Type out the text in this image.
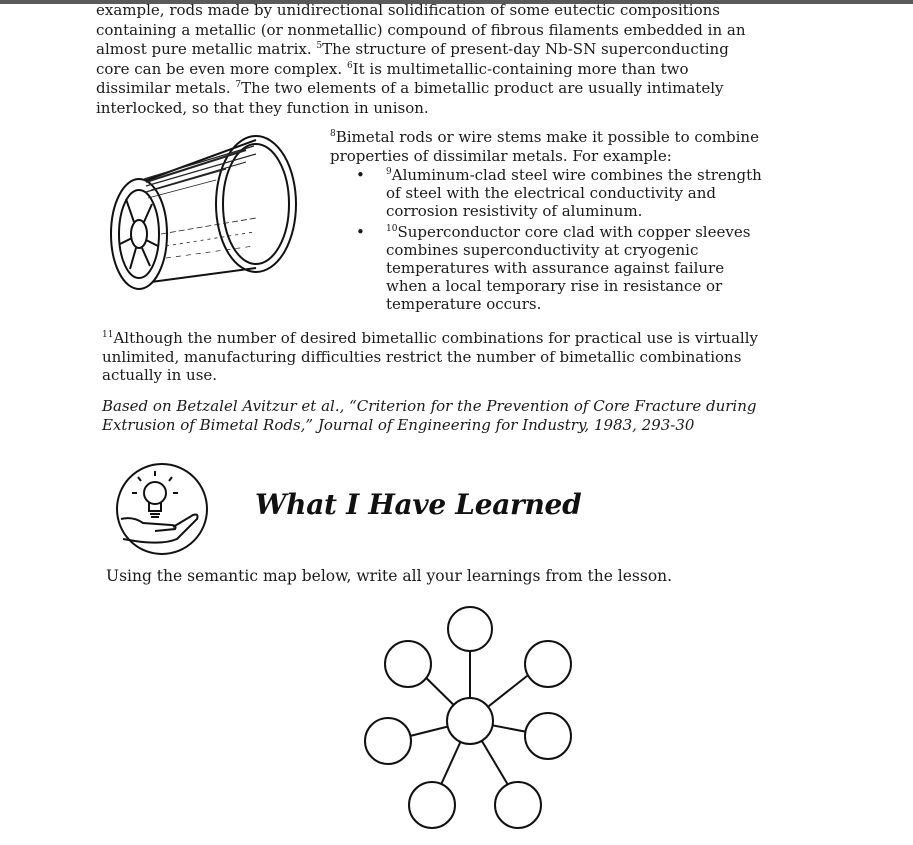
example, rods made by unidirectional solidification of some eutectic compositions
containing a metallic (or nonmetallic) compound of fibrous filaments embedded in an
almost pure metallic matrix. $^5$The structure of present-day Nb-SN superconducting
core can be even more complex. $^6$It is multimetallic-containing more than two
dissimilar metals. $^7$The two elements of a bimetallic product are usually intimately
interlocked, so that they function in unison.
$^8$Bimetal rods or wire stems make it possible to combine
properties of dissimilar metals. For example:
• $^9$Aluminum-clad steel wire combines the strength
of steel with the electrical conductivity and
corrosion resistivity of aluminum.
• $^{10}$Superconductor core clad with copper sleeves
combines superconductivity at cryogenic
temperatures with assurance against failure
when a local temporary rise in resistance or
temperature occurs.
$^{11}$Although the number of desired bimetallic combinations for practical use is virtually
unlimited, manufacturing difficulties restrict the number of bimetallic combinations
actually in use.
Based on Betzalel Avitzur et al., “Criterion for the Prevention of Core Fracture during
Extrusion of Bimetal Rods,” Journal of Engineering for Industry, 1983, 293-30
What I Have Learned

Using the semantic map below, write all your learnings from the lesson.
